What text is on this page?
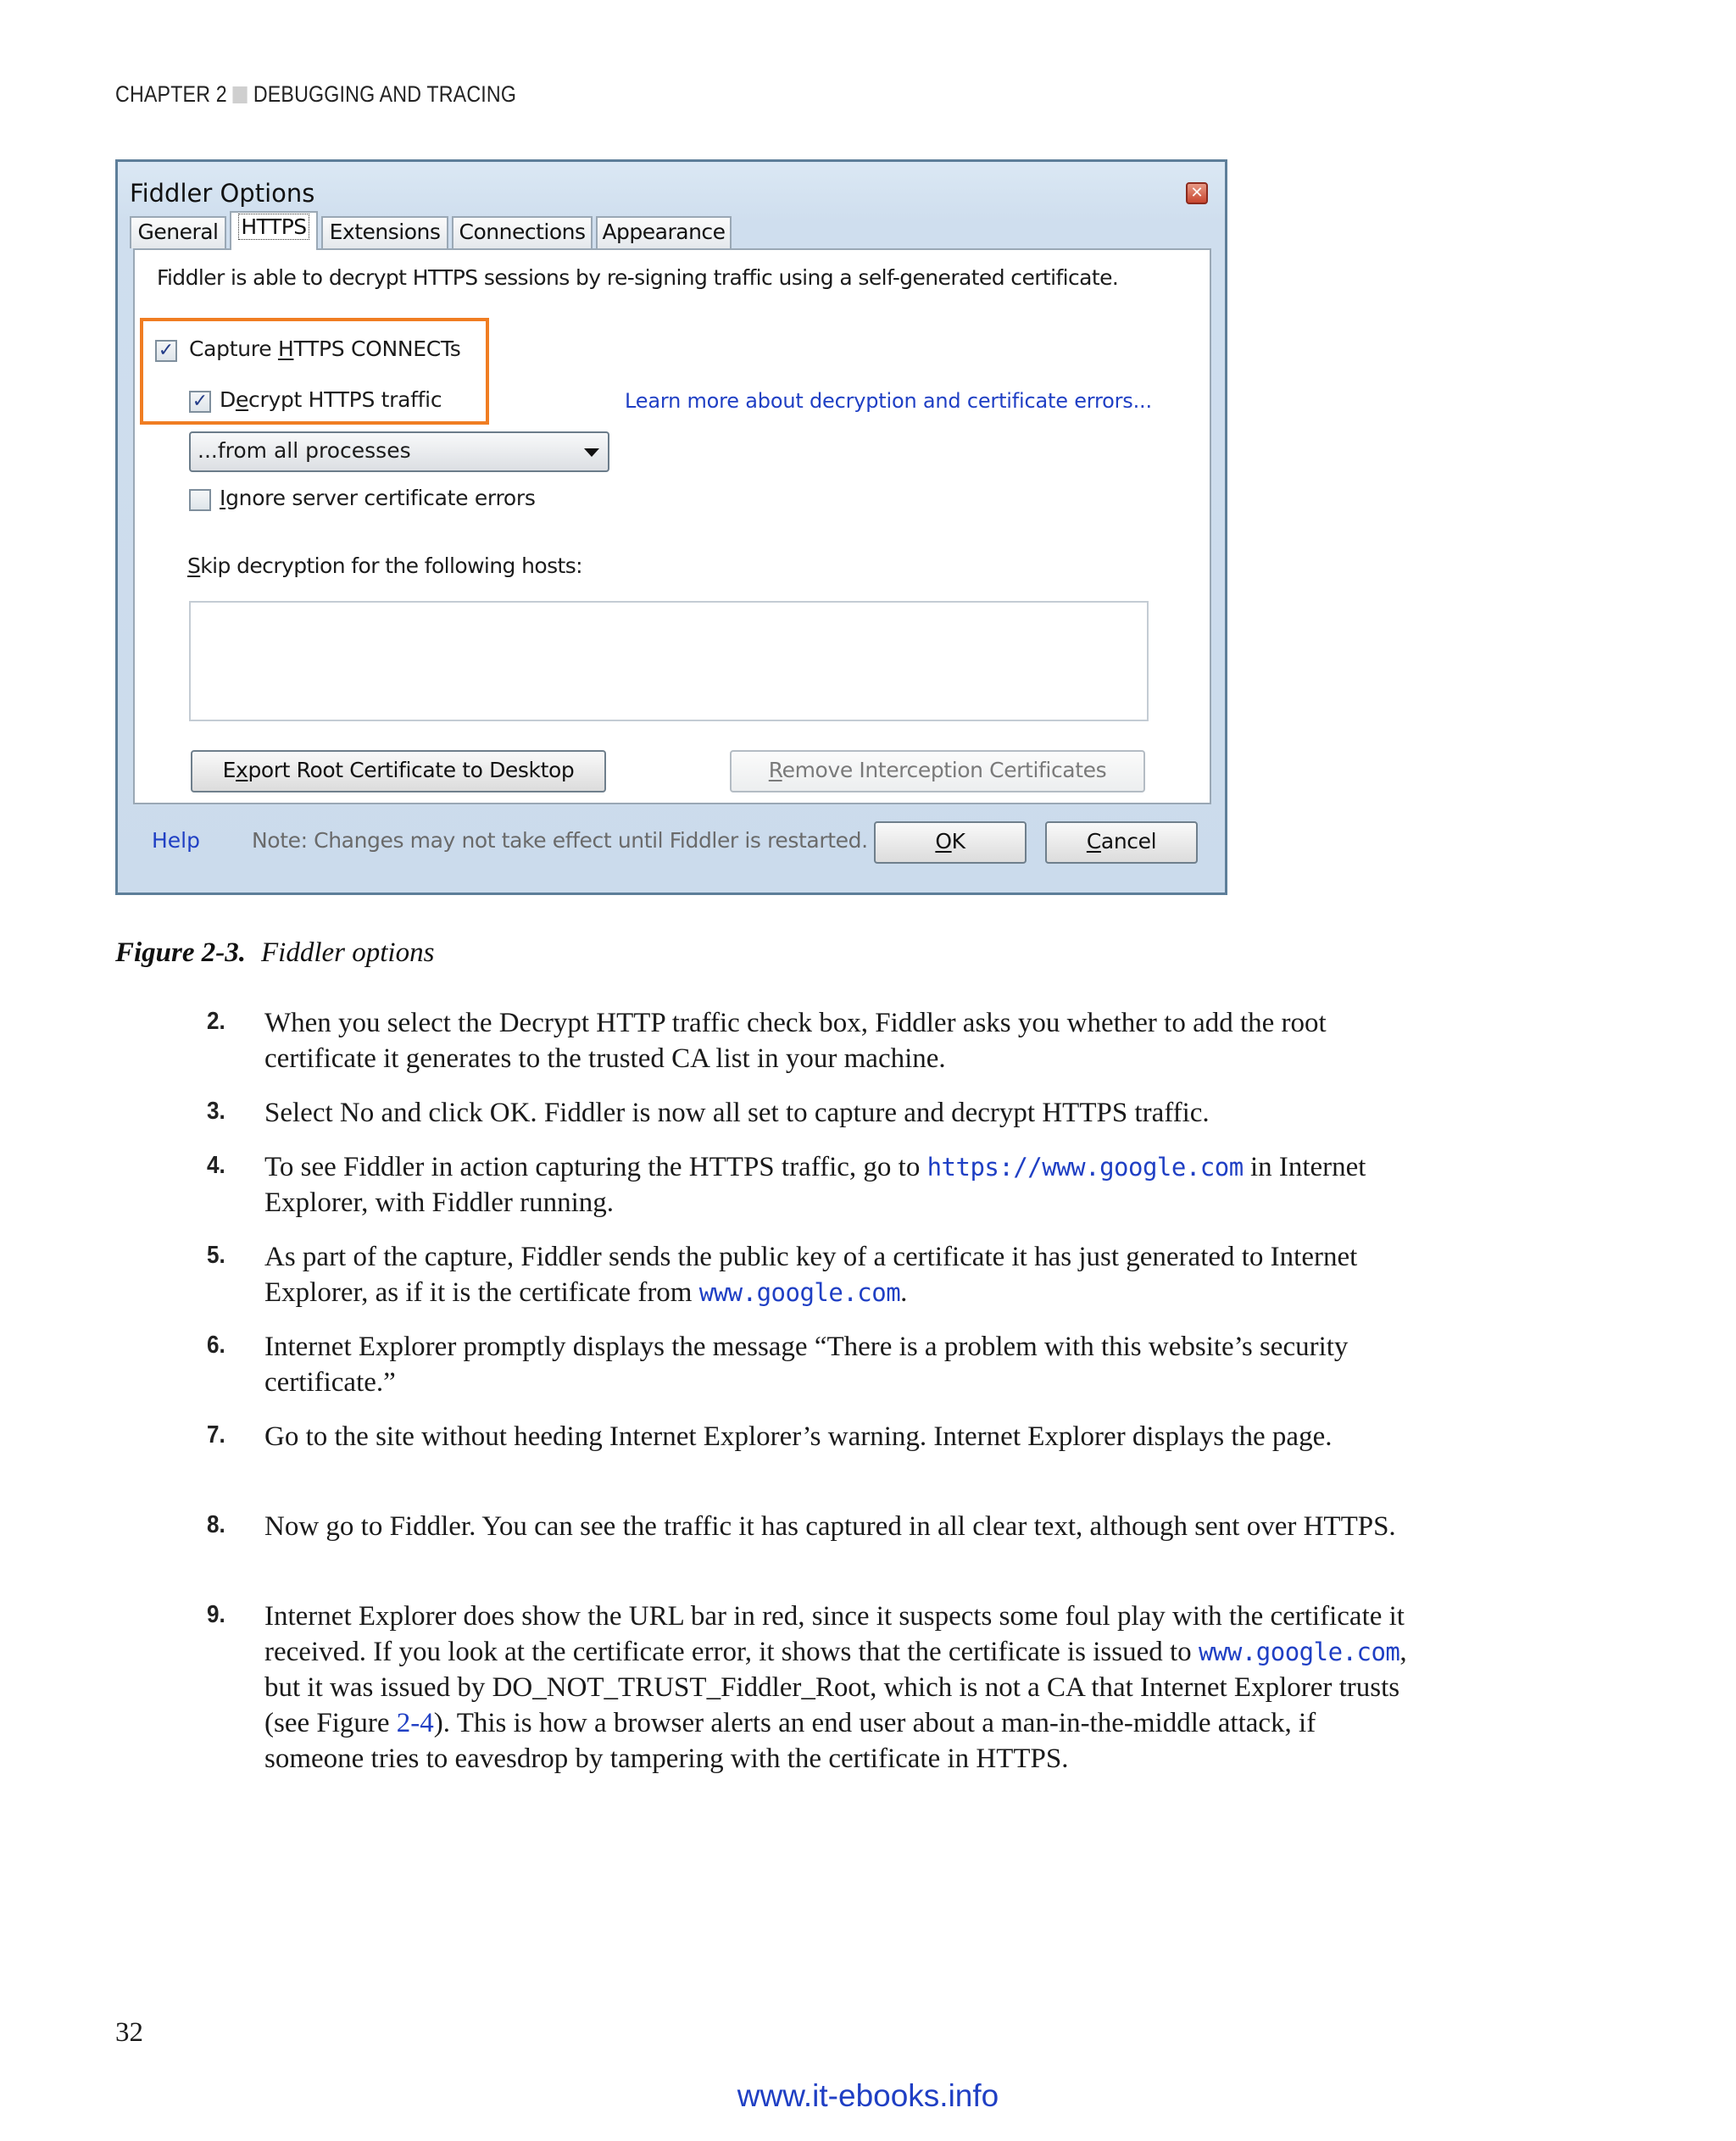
CHAPTER 2 DEBUGGING AND TRACING
Fiddler Options	✕
General	HTTPS	Extensions Connections Appearance
Fiddler is able to decrypt HTTPS sessions by re-signing traffic using a self-generated certificate.
✓ Capture HTTPS CONNECTs
✓ Decrypt HTTPS traffic	Learn more about decryption and certificate errors...
...from all processes
Ignore server certificate errors
Skip decryption for the following hosts:
Export Root Certificate to Desktop	Remove Interception Certificates
Help Note: Changes may not take effect until Fiddler is restarted.	OK	Cancel
Figure 2-3. Fiddler options
2. When you select the Decrypt HTTP traffic check box, Fiddler asks you whether to add the root certificate it generates to the trusted CA list in your machine.
3. Select No and click OK. Fiddler is now all set to capture and decrypt HTTPS traffic.
4. To see Fiddler in action capturing the HTTPS traffic, go to https://www.google.com in Internet Explorer, with Fiddler running.
5. As part of the capture, Fiddler sends the public key of a certificate it has just generated to Internet Explorer, as if it is the certificate from www.google.com.
6. Internet Explorer promptly displays the message “There is a problem with this website’s security certificate.”
7. Go to the site without heeding Internet Explorer’s warning. Internet Explorer displays the page.
8. Now go to Fiddler. You can see the traffic it has captured in all clear text, although sent over HTTPS.
9. Internet Explorer does show the URL bar in red, since it suspects some foul play with the certificate it received. If you look at the certificate error, it shows that the certificate is issued to www.google.com, but it was issued by DO_NOT_TRUST_Fiddler_Root, which is not a CA that Internet Explorer trusts (see Figure 2-4). This is how a browser alerts an end user about a man-in-the-middle attack, if someone tries to eavesdrop by tampering with the certificate in HTTPS.
32
www.it-ebooks.info
